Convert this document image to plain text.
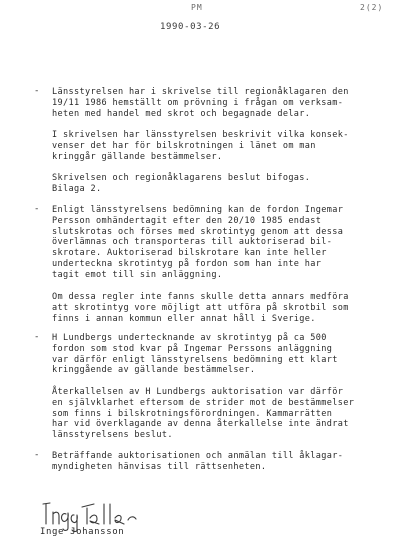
PM	2(2)
1990-03-26
Länsstyrelsen har i skrivelse till regionåklagaren den
19/11 1986 hemställt om prövning i frågan om verksam-
heten med handel med skrot och begagnade delar.
-
I skrivelsen har länsstyrelsen beskrivit vilka konsek-
venser det har för bilskrotningen i länet om man
kringgår gällande bestämmelser.
Skrivelsen och regionåklagarens beslut bifogas.
Bilaga 2.
Enligt länsstyrelsens bedömning kan de fordon Ingemar
Persson omhändertagit efter den 20/10 1985 endast
slutskrotas och förses med skrotintyg genom att dessa
överlämnas och transporteras till auktoriserad bil-
skrotare. Auktoriserad bilskrotare kan inte heller
underteckna skrotintyg på fordon som han inte har
tagit emot till sin anläggning.
-
Om dessa regler inte fanns skulle detta annars medföra
att skrotintyg vore möjligt att utföra på skrotbil som
finns i annan kommun eller annat håll i Sverige.
H Lundbergs undertecknande av skrotintyg på ca 500
fordon som stod kvar på Ingemar Perssons anläggning
var därför enligt länsstyrelsens bedömning ett klart
kringgående av gällande bestämmelser.
-
Återkallelsen av H Lundbergs auktorisation var därför
en självklarhet eftersom de strider mot de bestämmelser
som finns i bilskrotningsförordningen. Kammarrätten
har vid överklagande av denna återkallelse inte ändrat
länsstyrelsens beslut.
Beträffande auktorisationen och anmälan till åklagar-
myndigheten hänvisas till rättsenheten.
-
Inge Johansson
